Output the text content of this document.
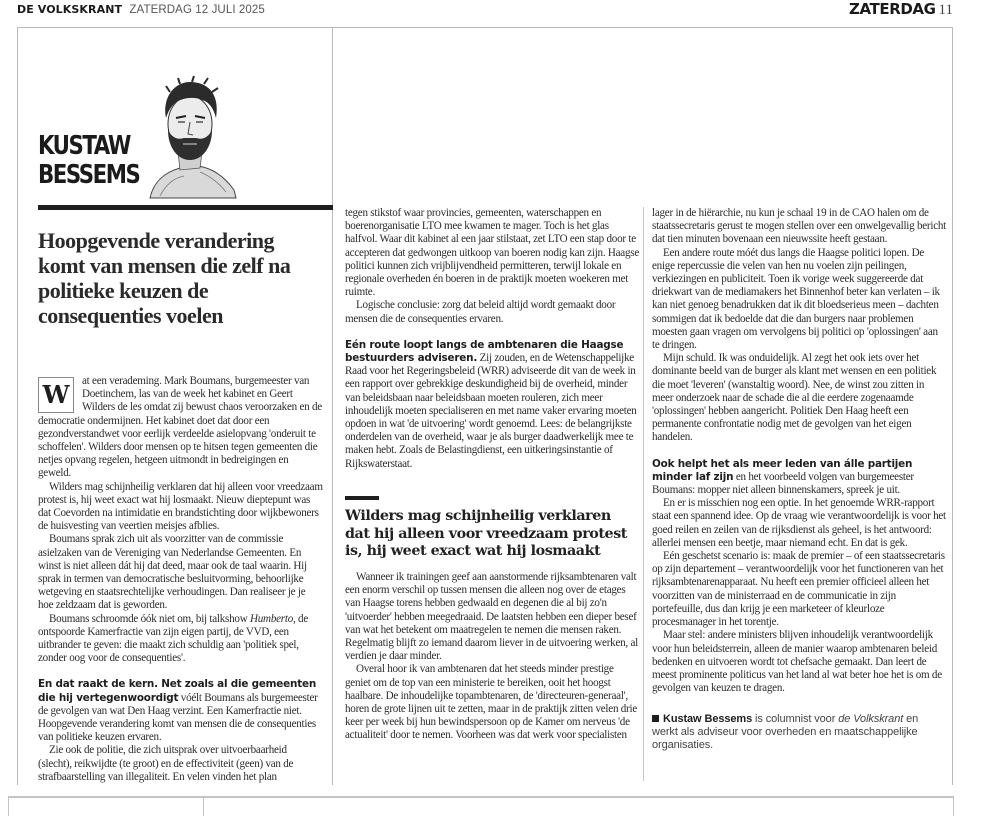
DE VOLKSKRANT ZATERDAG 12 JULI 2025	ZATERDAG 11
KUSTAW
BESSEMS
Hoopgevende verandering komt van mensen die zelf na politieke keuzen de consequenties voelen
W	at een verademing. Mark Boumans, burgemeester van Doetinchem, las van de week het kabinet en Geert Wilders de les omdat zij bewust chaos veroorzaken en de democratie ondermijnen. Het kabinet doet dat door een gezondverstandwet voor eerlijk verdeelde asielopvang 'onderuit te schoffelen'. Wilders door mensen op te hitsen tegen gemeenten die netjes opvang regelen, hetgeen uitmondt in bedreigingen en geweld.

Wilders mag schijnheilig verklaren dat hij alleen voor vreedzaam protest is, hij weet exact wat hij losmaakt. Nieuw dieptepunt was dat Coevorden na intimidatie en brandstichting door wijkbewoners de huisvesting van veertien meisjes afblies.

Boumans sprak zich uit als voorzitter van de commissie asielzaken van de Vereniging van Nederlandse Gemeenten. En winst is niet alleen dát hij dat deed, maar ook de taal waarin. Hij sprak in termen van democratische besluitvorming, behoorlijke wetgeving en staatsrechtelijke verhoudingen. Dan realiseer je je hoe zeldzaam dat is geworden.

Boumans schroomde óók niet om, bij talkshow Humberto, de ontspoorde Kamerfractie van zijn eigen partij, de VVD, een uitbrander te geven: die maakt zich schuldig aan 'politiek spel, zonder oog voor de consequenties'.

En dat raakt de kern. Net zoals al die gemeenten die hij vertegenwoordigt vóélt Boumans als burgemeester de gevolgen van wat Den Haag verzint. Een Kamerfractie niet. Hoopgevende verandering komt van mensen die de consequenties van politieke keuzen ervaren.

Zie ook de politie, die zich uitsprak over uitvoerbaarheid (slecht), reikwijdte (te groot) en de effectiviteit (geen) van de strafbaarstelling van illegaliteit. En velen vinden het plan

tegen stikstof waar provincies, gemeenten, waterschappen en boerenorganisatie LTO mee kwamen te mager. Toch is het glas halfvol. Waar dit kabinet al een jaar stilstaat, zet LTO een stap door te accepteren dat gedwongen uitkoop van boeren nodig kan zijn. Haagse politici kunnen zich vrijblijvendheid permitteren, terwijl lokale en regionale overheden én boeren in de praktijk moeten woekeren met ruimte.

Logische conclusie: zorg dat beleid altijd wordt gemaakt door mensen die de consequenties ervaren.

Eén route loopt langs de ambtenaren die Haagse bestuurders adviseren. Zij zouden, en de Wetenschappelijke Raad voor het Regeringsbeleid (WRR) adviseerde dit van de week in een rapport over gebrekkige deskundigheid bij de overheid, minder van beleidsbaan naar beleidsbaan moeten rouleren, zich meer inhoudelijk moeten specialiseren en met name vaker ervaring moeten opdoen in wat 'de uitvoering' wordt genoemd. Lees: de belangrijkste onderdelen van de overheid, waar je als burger daadwerkelijk mee te maken hebt. Zoals de Belastingdienst, een uitkeringsinstantie of Rijkswaterstaat.

Wilders mag schijnheilig verklaren dat hij alleen voor vreedzaam protest is, hij weet exact wat hij losmaakt

Wanneer ik trainingen geef aan aanstormende rijksambtenaren valt een enorm verschil op tussen mensen die alleen nog over de etages van Haagse torens hebben gedwaald en degenen die al bij zo'n 'uitvoerder' hebben meegedraaid. De laatsten hebben een dieper besef van wat het betekent om maatregelen te nemen die mensen raken. Regelmatig blijft zo iemand daarom liever in de uitvoering werken, al verdien je daar minder.

Overal hoor ik van ambtenaren dat het steeds minder prestige geniet om de top van een ministerie te bereiken, ooit het hoogst haalbare. De inhoudelijke topambtenaren, de 'directeuren-generaal', horen de grote lijnen uit te zetten, maar in de praktijk zitten velen drie keer per week bij hun bewindspersoon op de Kamer om nerveus 'de actualiteit' door te nemen. Voorheen was dat werk voor specialisten

lager in de hiërarchie, nu kun je schaal 19 in de CAO halen om de staatssecretaris gerust te mogen stellen over een onwelgevallig bericht dat tien minuten bovenaan een nieuwssite heeft gestaan.

Een andere route móét dus langs die Haagse politici lopen. De enige repercussie die velen van hen nu voelen zijn peilingen, verkiezingen en publiciteit. Toen ik vorige week suggereerde dat driekwart van de mediamakers het Binnenhof beter kan verlaten – ik kan niet genoeg benadrukken dat ik dit bloedserieus meen – dachten sommigen dat ik bedoelde dat die dan burgers naar problemen moesten gaan vragen om vervolgens bij politici op 'oplossingen' aan te dringen.

Mijn schuld. Ik was onduidelijk. Al zegt het ook iets over het dominante beeld van de burger als klant met wensen en een politiek die moet 'leveren' (wanstaltig woord). Nee, de winst zou zitten in meer onderzoek naar de schade die al die eerdere zogenaamde 'oplossingen' hebben aangericht. Politiek Den Haag heeft een permanente confrontatie nodig met de gevolgen van het eigen handelen.

Ook helpt het als meer leden van álle partijen minder laf zijn en het voorbeeld volgen van burgemeester Boumans: mopper niet alleen binnenskamers, spreek je uit.

En er is misschien nog een optie. In het genoemde WRR-rapport staat een spannend idee. Op de vraag wie verantwoordelijk is voor het goed reilen en zeilen van de rijksdienst als geheel, is het antwoord: allerlei mensen een beetje, maar niemand echt. En dat is gek.

Eén geschetst scenario is: maak de premier – of een staatssecretaris op zijn departement – verantwoordelijk voor het functioneren van het rijksambtenarenapparaat. Nu heeft een premier officieel alleen het voorzitten van de ministerraad en de communicatie in zijn portefeuille, dus dan krijg je een marketeer of kleurloze procesmanager in het torentje.

Maar stel: andere ministers blijven inhoudelijk verantwoordelijk voor hun beleidsterrein, alleen de manier waarop ambtenaren beleid bedenken en uitvoeren wordt tot chefsache gemaakt. Dan leert de meest prominente politicus van het land al wat beter hoe het is om de gevolgen van keuzen te dragen.

Kustaw Bessems is columnist voor de Volkskrant en werkt als adviseur voor overheden en maatschappelijke organisaties.
